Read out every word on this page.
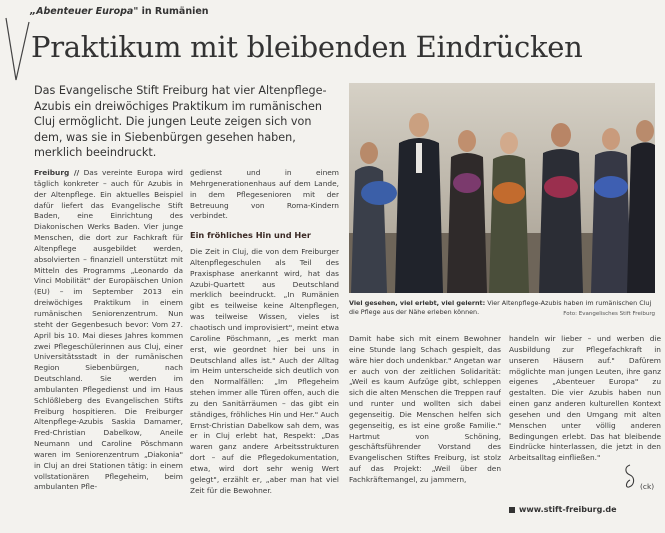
„Abenteuer Europa" in Rumänien
Praktikum mit bleibenden Eindrücken
Das Evangelische Stift Freiburg hat vier Altenpflege-Azubis ein dreiwöchiges Praktikum im rumänischen Cluj ermöglicht. Die jungen Leute zeigen sich von dem, was sie in Siebenbürgen gesehen haben, merklich beeindruckt.

Freiburg // Das vereinte Europa wird täglich konkreter – auch für Azubis in der Altenpflege. Ein aktuelles Beispiel dafür liefert das Evangelische Stift Baden, eine Einrichtung des Diakonischen Werks Baden. Vier junge Menschen, die dort zur Fachkraft für Altenpflege ausgebildet werden, absolvierten – finanziell unterstützt mit Mitteln des Programms „Leonardo da Vinci Mobilität" der Europäischen Union (EU) – im September 2013 ein dreiwöchiges Praktikum in einem rumänischen Seniorenzentrum. Nun steht der Gegenbesuch bevor: Vom 27. April bis 10. Mai dieses Jahres kommen zwei Pflegeschülerinnen aus Cluj, einer Universitätsstadt in der rumänischen Region Siebenbürgen, nach Deutschland. Sie werden im ambulanten Pflegedienst und im Haus Schlößleberg des Evangelischen Stifts Freiburg hospitieren. Die Freiburger Altenpflege-Azubis Saskia Damamer, Fred-Christian Dabelkow, Aneile Neumann und Caroline Pöschmann waren im Seniorenzentrum „Diakonia" in Cluj an drei Stationen tätig: in einem vollstationären Pflegeheim, beim ambulanten Pfle-

gedienst und in einem Mehrgenerationenhaus auf dem Lande, in dem Pflegesenioren mit der Betreuung von Roma-Kindern verbindet.

Ein fröhliches Hin und Her

Die Zeit in Cluj, die von dem Freiburger Altenpflegeschulen als Teil des Praxisphase anerkannt wird, hat das Azubi-Quartett aus Deutschland merklich beeindruckt. „In Rumänien gibt es teilweise keine Altenpflegen, was teilweise Wissen, vieles ist chaotisch und improvisiert", meint etwa Caroline Pöschmann, „es merkt man erst, wie geordnet hier bei uns in Deutschland alles ist." Auch der Alltag im Heim unterscheide sich deutlich von den Normalfällen: „Im Pflegeheim stehen immer alle Türen offen, auch die zu den Sanitärräumen – das gibt ein ständiges, fröhliches Hin und Her." Auch Ernst-Christian Dabelkow sah dem, was er in Cluj erlebt hat, Respekt: „Das waren ganz andere Arbeitsstrukturen dort – auf die Pflegedokumentation, etwa, wird dort sehr wenig Wert gelegt", erzählt er, „aber man hat viel Zeit für die Bewohner.

Viel gesehen, viel erlebt, viel gelernt: Vier Altenpflege-Azubis haben im rumänischen Cluj die Pflege aus der Nähe erleben können.	Foto: Evangelisches Stift Freiburg

Damit habe sich mit einem Bewohner eine Stunde lang Schach gespielt, das wäre hier doch undenkbar." Angetan war er auch von der zeitlichen Solidarität: „Weil es kaum Aufzüge gibt, schleppen sich die alten Menschen die Treppen rauf und runter und wollten sich dabei gegenseitig. Die Menschen helfen sich gegenseitig, es ist eine große Familie." Hartmut von Schöning, geschäftsführender Vorstand des Evangelischen Stiftes Freiburg, ist stolz auf das Projekt: „Weil über den Fachkräftemangel, zu jammern,

handeln wir lieber – und werben die Ausbildung zur Pflegefachkraft in unseren Häusern auf." Dafürem möglichte man jungen Leuten, ihre ganz eigenes „Abenteuer Europa" zu gestalten. Die vier Azubis haben nun einen ganz anderen kulturellen Kontext gesehen und den Umgang mit alten Menschen unter völlig anderen Bedingungen erlebt. Das hat bleibende Eindrücke hinterlassen, die jetzt in den Arbeitsalltag einfließen."

(ck)
www.stift-freiburg.de
